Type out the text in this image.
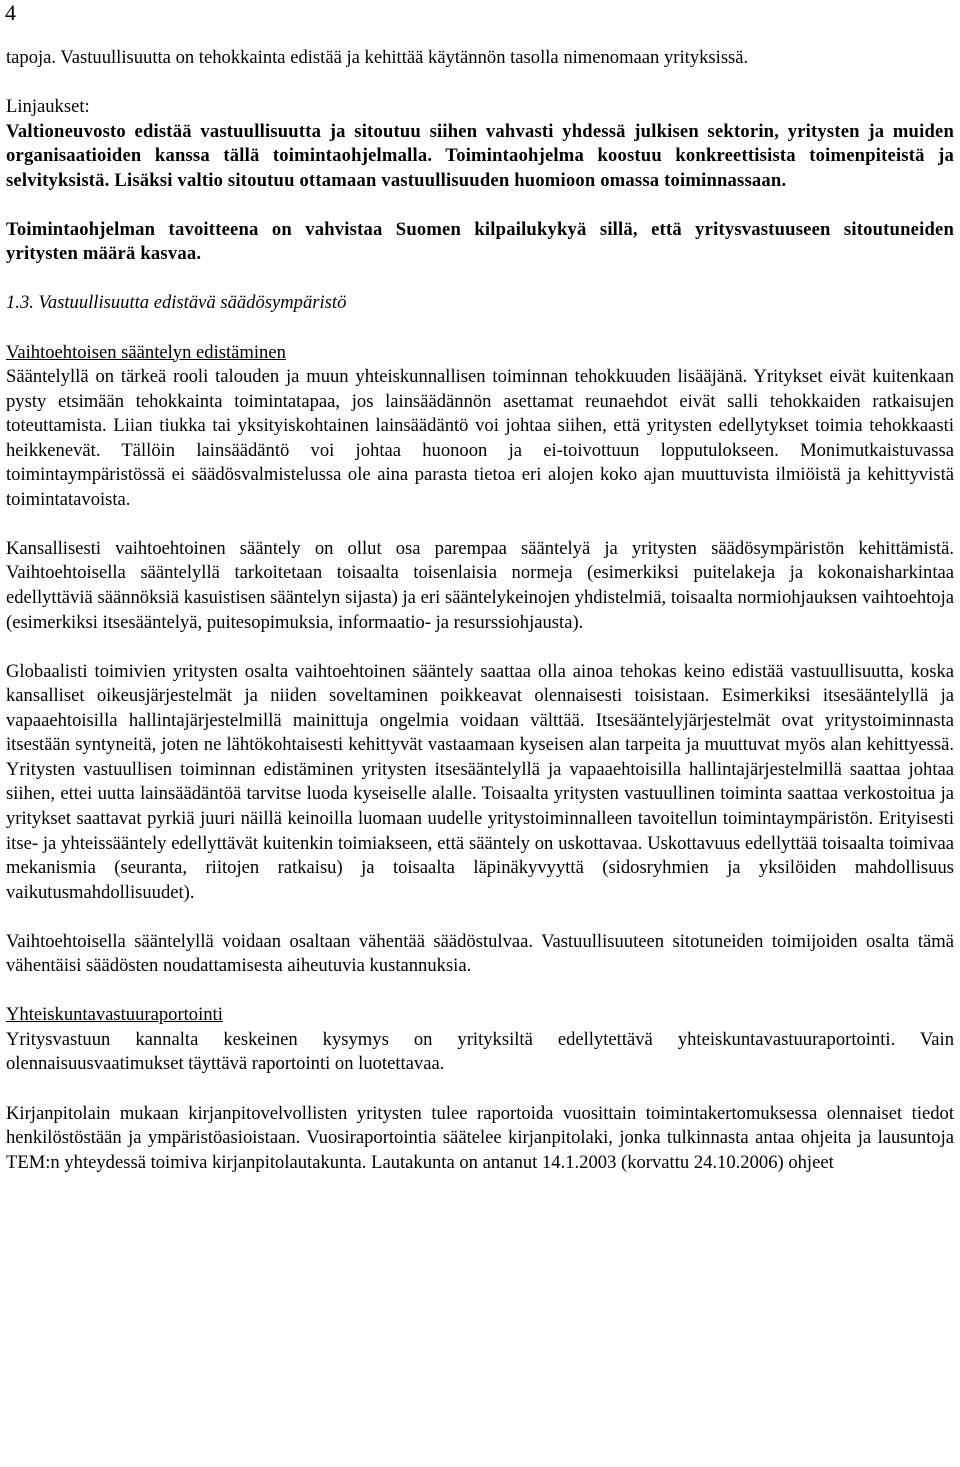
4

tapoja. Vastuullisuutta on tehokkainta edistää ja kehittää käytännön tasolla nimenomaan yrityksissä.

Linjaukset:

Valtioneuvosto edistää vastuullisuutta ja sitoutuu siihen vahvasti yhdessä julkisen sektorin, yritysten ja muiden organisaatioiden kanssa tällä toimintaohjelmalla. Toimintaohjelma koostuu konkreettisista toimenpiteistä ja selvityksistä. Lisäksi valtio sitoutuu ottamaan vastuullisuuden huomioon omassa toiminnassaan.

Toimintaohjelman tavoitteena on vahvistaa Suomen kilpailukykyä sillä, että yritysvastuuseen sitoutuneiden yritysten määrä kasvaa.

1.3. Vastuullisuutta edistävä säädösympäristö

Vaihtoehtoisen sääntelyn edistäminen

Sääntelyllä on tärkeä rooli talouden ja muun yhteiskunnallisen toiminnan tehokkuuden lisääjänä. Yritykset eivät kuitenkaan pysty etsimään tehokkainta toimintatapaa, jos lainsäädännön asettamat reunaehdot eivät salli tehokkaiden ratkaisujen toteuttamista. Liian tiukka tai yksityiskohtainen lainsäädäntö voi johtaa siihen, että yritysten edellytykset toimia tehokkaasti heikkenevät. Tällöin lainsäädäntö voi johtaa huonoon ja ei-toivottuun lopputulokseen. Monimutkaistuvassa toimintaympäristössä ei säädösvalmistelussa ole aina parasta tietoa eri alojen koko ajan muuttuvista ilmiöistä ja kehittyvistä toimintatavoista.

Kansallisesti vaihtoehtoinen sääntely on ollut osa parempaa sääntelyä ja yritysten säädösympäristön kehittämistä. Vaihtoehtoisella sääntelyllä tarkoitetaan toisaalta toisenlaisia normeja (esimerkiksi puitelakeja ja kokonaisharkintaa edellyttäviä säännöksiä kasuistisen sääntelyn sijasta) ja eri sääntelykeinojen yhdistelmiä, toisaalta normiohjauksen vaihtoehtoja (esimerkiksi itsesääntelyä, puitesopimuksia, informaatio- ja resurssiohjausta).

Globaalisti toimivien yritysten osalta vaihtoehtoinen sääntely saattaa olla ainoa tehokas keino edistää vastuullisuutta, koska kansalliset oikeusjärjestelmät ja niiden soveltaminen poikkeavat olennaisesti toisistaan. Esimerkiksi itsesääntelyllä ja vapaaehtoisilla hallintajärjestelmillä mainittuja ongelmia voidaan välttää. Itsesääntelyjärjestelmät ovat yritystoiminnasta itsestään syntyneitä, joten ne lähtökohtaisesti kehittyvät vastaamaan kyseisen alan tarpeita ja muuttuvat myös alan kehittyessä. Yritysten vastuullisen toiminnan edistäminen yritysten itsesääntelyllä ja vapaaehtoisilla hallintajärjestelmillä saattaa johtaa siihen, ettei uutta lainsäädäntöä tarvitse luoda kyseiselle alalle. Toisaalta yritysten vastuullinen toiminta saattaa verkostoitua ja yritykset saattavat pyrkiä juuri näillä keinoilla luomaan uudelle yritystoiminnalleen tavoitellun toimintaympäristön. Erityisesti itse- ja yhteissääntely edellyttävät kuitenkin toimiakseen, että sääntely on uskottavaa. Uskottavuus edellyttää toisaalta toimivaa mekanismia (seuranta, riitojen ratkaisu) ja toisaalta läpinäkyvyyttä (sidosryhmien ja yksilöiden mahdollisuus vaikutusmahdollisuudet).

Vaihtoehtoisella sääntelyllä voidaan osaltaan vähentää säädöstulvaa. Vastuullisuuteen sitotuneiden toimijoiden osalta tämä vähentäisi säädösten noudattamisesta aiheutuvia kustannuksia.

Yhteiskuntavastuuraportointi

Yritysvastuun kannalta keskeinen kysymys on yrityksiltä edellytettävä yhteiskuntavastuuraportointi. Vain olennaisuusvaatimukset täyttävä raportointi on luotettavaa.

Kirjanpitolain mukaan kirjanpitovelvollisten yritysten tulee raportoida vuosittain toimintakertomuksessa olennaiset tiedot henkilöstöstään ja ympäristöasioistaan. Vuosiraportointia säätelee kirjanpitolaki, jonka tulkinnasta antaa ohjeita ja lausuntoja TEM:n yhteydessä toimiva kirjanpitolautakunta. Lautakunta on antanut 14.1.2003 (korvattu 24.10.2006) ohjeet
